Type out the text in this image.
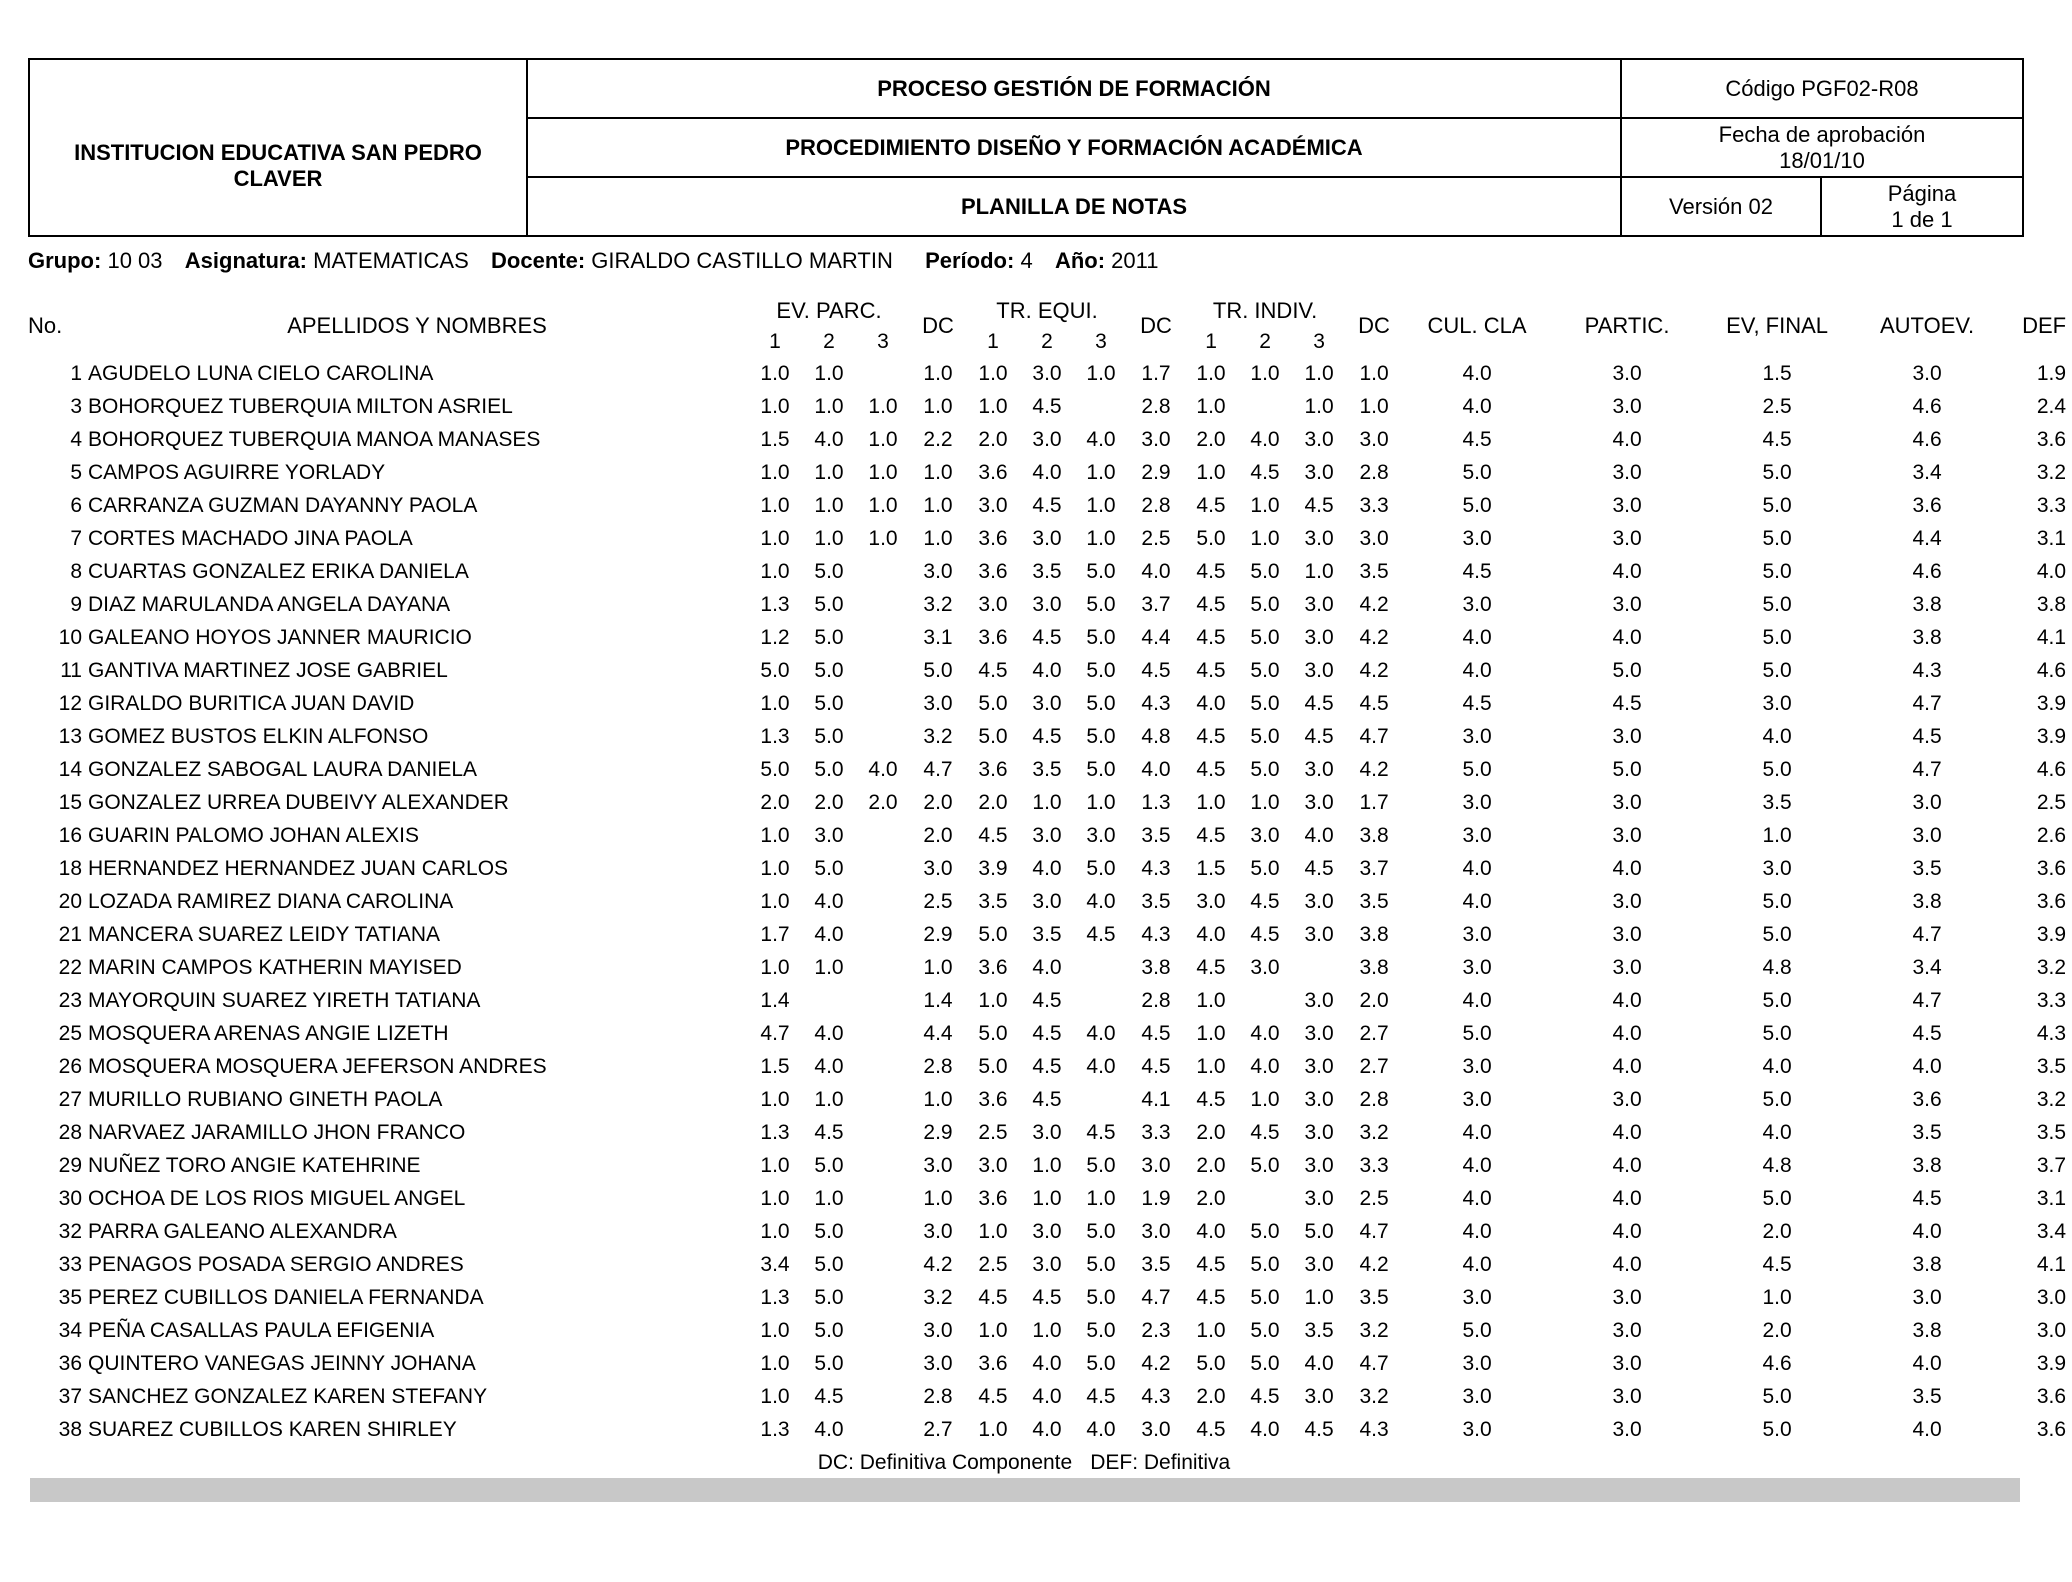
INSTITUCION EDUCATIVA SAN PEDRO CLAVER	PROCESO GESTIÓN DE FORMACIÓN	Código PGF02-R08	
	PROCEDIMIENTO DISEÑO Y FORMACIÓN ACADÉMICA	Fecha de aprobación
18/01/10	

	PLANILLA DE NOTAS	Versión 02	Página
1 de 1
Grupo: 10 03 Asignatura: MATEMATICAS Docente: GIRALDO CASTILLO MARTIN Período: 4 Año: 2011
No.	APELLIDOS Y NOMBRES	EV. PARC.			DC	TR. EQUI.			DC	TR. INDIV.			DC	CUL. CLA	PARTIC.	EV, FINAL	AUTOEV.	DEF
		1	2	3		1	2	3		1	2	3						
1	AGUDELO LUNA CIELO CAROLINA	1.0	1.0		1.0	1.0	3.0	1.0	1.7	1.0	1.0	1.0	1.0	4.0	3.0	1.5	3.0	1.9
3	BOHORQUEZ TUBERQUIA MILTON ASRIEL	1.0	1.0	1.0	1.0	1.0	4.5		2.8	1.0		1.0	1.0	4.0	3.0	2.5	4.6	2.4
4	BOHORQUEZ TUBERQUIA MANOA MANASES	1.5	4.0	1.0	2.2	2.0	3.0	4.0	3.0	2.0	4.0	3.0	3.0	4.5	4.0	4.5	4.6	3.6
5	CAMPOS AGUIRRE YORLADY	1.0	1.0	1.0	1.0	3.6	4.0	1.0	2.9	1.0	4.5	3.0	2.8	5.0	3.0	5.0	3.4	3.2
6	CARRANZA GUZMAN DAYANNY PAOLA	1.0	1.0	1.0	1.0	3.0	4.5	1.0	2.8	4.5	1.0	4.5	3.3	5.0	3.0	5.0	3.6	3.3
7	CORTES MACHADO JINA PAOLA	1.0	1.0	1.0	1.0	3.6	3.0	1.0	2.5	5.0	1.0	3.0	3.0	3.0	3.0	5.0	4.4	3.1
8	CUARTAS GONZALEZ ERIKA DANIELA	1.0	5.0		3.0	3.6	3.5	5.0	4.0	4.5	5.0	1.0	3.5	4.5	4.0	5.0	4.6	4.0
9	DIAZ MARULANDA ANGELA DAYANA	1.3	5.0		3.2	3.0	3.0	5.0	3.7	4.5	5.0	3.0	4.2	3.0	3.0	5.0	3.8	3.8
10	GALEANO HOYOS JANNER MAURICIO	1.2	5.0		3.1	3.6	4.5	5.0	4.4	4.5	5.0	3.0	4.2	4.0	4.0	5.0	3.8	4.1
11	GANTIVA MARTINEZ JOSE GABRIEL	5.0	5.0		5.0	4.5	4.0	5.0	4.5	4.5	5.0	3.0	4.2	4.0	5.0	5.0	4.3	4.6
12	GIRALDO BURITICA JUAN DAVID	1.0	5.0		3.0	5.0	3.0	5.0	4.3	4.0	5.0	4.5	4.5	4.5	4.5	3.0	4.7	3.9
13	GOMEZ BUSTOS ELKIN ALFONSO	1.3	5.0		3.2	5.0	4.5	5.0	4.8	4.5	5.0	4.5	4.7	3.0	3.0	4.0	4.5	3.9
14	GONZALEZ SABOGAL LAURA DANIELA	5.0	5.0	4.0	4.7	3.6	3.5	5.0	4.0	4.5	5.0	3.0	4.2	5.0	5.0	5.0	4.7	4.6
15	GONZALEZ URREA DUBEIVY ALEXANDER	2.0	2.0	2.0	2.0	2.0	1.0	1.0	1.3	1.0	1.0	3.0	1.7	3.0	3.0	3.5	3.0	2.5
16	GUARIN PALOMO JOHAN ALEXIS	1.0	3.0		2.0	4.5	3.0	3.0	3.5	4.5	3.0	4.0	3.8	3.0	3.0	1.0	3.0	2.6
18	HERNANDEZ HERNANDEZ JUAN CARLOS	1.0	5.0		3.0	3.9	4.0	5.0	4.3	1.5	5.0	4.5	3.7	4.0	4.0	3.0	3.5	3.6
20	LOZADA RAMIREZ DIANA CAROLINA	1.0	4.0		2.5	3.5	3.0	4.0	3.5	3.0	4.5	3.0	3.5	4.0	3.0	5.0	3.8	3.6
21	MANCERA SUAREZ LEIDY TATIANA	1.7	4.0		2.9	5.0	3.5	4.5	4.3	4.0	4.5	3.0	3.8	3.0	3.0	5.0	4.7	3.9
22	MARIN CAMPOS KATHERIN MAYISED	1.0	1.0		1.0	3.6	4.0		3.8	4.5	3.0		3.8	3.0	3.0	4.8	3.4	3.2
23	MAYORQUIN SUAREZ YIRETH TATIANA	1.4			1.4	1.0	4.5		2.8	1.0		3.0	2.0	4.0	4.0	5.0	4.7	3.3
25	MOSQUERA ARENAS ANGIE LIZETH	4.7	4.0		4.4	5.0	4.5	4.0	4.5	1.0	4.0	3.0	2.7	5.0	4.0	5.0	4.5	4.3
26	MOSQUERA MOSQUERA JEFERSON ANDRES	1.5	4.0		2.8	5.0	4.5	4.0	4.5	1.0	4.0	3.0	2.7	3.0	4.0	4.0	4.0	3.5
27	MURILLO RUBIANO GINETH PAOLA	1.0	1.0		1.0	3.6	4.5		4.1	4.5	1.0	3.0	2.8	3.0	3.0	5.0	3.6	3.2
28	NARVAEZ JARAMILLO JHON FRANCO	1.3	4.5		2.9	2.5	3.0	4.5	3.3	2.0	4.5	3.0	3.2	4.0	4.0	4.0	3.5	3.5
29	NUÑEZ TORO ANGIE KATEHRINE	1.0	5.0		3.0	3.0	1.0	5.0	3.0	2.0	5.0	3.0	3.3	4.0	4.0	4.8	3.8	3.7
30	OCHOA DE LOS RIOS MIGUEL ANGEL	1.0	1.0		1.0	3.6	1.0	1.0	1.9	2.0		3.0	2.5	4.0	4.0	5.0	4.5	3.1
32	PARRA GALEANO ALEXANDRA	1.0	5.0		3.0	1.0	3.0	5.0	3.0	4.0	5.0	5.0	4.7	4.0	4.0	2.0	4.0	3.4
33	PENAGOS POSADA SERGIO ANDRES	3.4	5.0		4.2	2.5	3.0	5.0	3.5	4.5	5.0	3.0	4.2	4.0	4.0	4.5	3.8	4.1
35	PEREZ CUBILLOS DANIELA FERNANDA	1.3	5.0		3.2	4.5	4.5	5.0	4.7	4.5	5.0	1.0	3.5	3.0	3.0	1.0	3.0	3.0
34	PEÑA CASALLAS PAULA EFIGENIA	1.0	5.0		3.0	1.0	1.0	5.0	2.3	1.0	5.0	3.5	3.2	5.0	3.0	2.0	3.8	3.0
36	QUINTERO VANEGAS JEINNY JOHANA	1.0	5.0		3.0	3.6	4.0	5.0	4.2	5.0	5.0	4.0	4.7	3.0	3.0	4.6	4.0	3.9
37	SANCHEZ GONZALEZ KAREN STEFANY	1.0	4.5		2.8	4.5	4.0	4.5	4.3	2.0	4.5	3.0	3.2	3.0	3.0	5.0	3.5	3.6
38	SUAREZ CUBILLOS KAREN SHIRLEY	1.3	4.0		2.7	1.0	4.0	4.0	3.0	4.5	4.0	4.5	4.3	3.0	3.0	5.0	4.0	3.6
DC: Definitiva Componente DEF: Definitiva
